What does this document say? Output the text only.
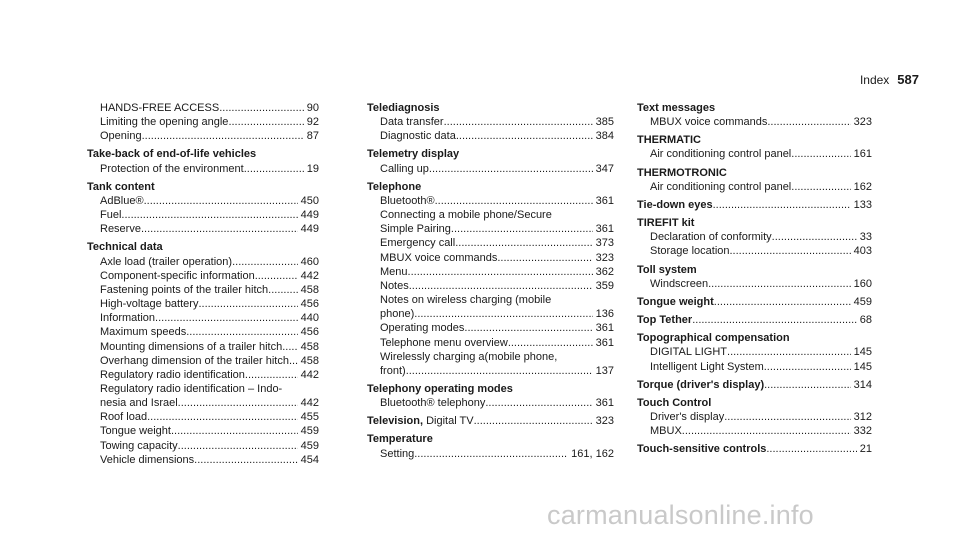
Index 587
HANDS-FREE ACCESS .....	90
Limiting the opening angle .....	92
Opening .....	87
Take-back of end-of-life vehicles
Protection of the environment .....	19
Tank content
AdBlue® .....	450
Fuel .....	449
Reserve .....	449
Technical data
Axle load (trailer operation) .....	460
Component-specific information .....	442
Fastening points of the trailer hitch .....	458
High-voltage battery .....	456
Information .....	440
Maximum speeds .....	456
Mounting dimensions of a trailer hitch ..... 458
Overhang dimension of the trailer hitch ..... 458
Regulatory radio identification .....	442
Regulatory radio identification – Indo-
nesia and Israel .....	442
Roof load .....	455
Tongue weight .....	459
Towing capacity .....	459
Vehicle dimensions .....	454
Telediagnosis
Data transfer .....	385
Diagnostic data .....	384
Telemetry display
Calling up .....	347
Telephone
Bluetooth® .....	361
Connecting a mobile phone/Secure
Simple Pairing .....	361
Emergency call .....	373
MBUX voice commands .....	323
Menu .....	362
Notes .....	359
Notes on wireless charging (mobile
phone) .....	136
Operating modes .....	361
Telephone menu overview .....	361
Wirelessly charging a(mobile phone,
front) .....	137
Telephony operating modes
Bluetooth® telephony .....	361
Television, Digital TV .....	323
Temperature
Setting .....	161, 162
Text messages
MBUX voice commands .....	323
THERMATIC
Air conditioning control panel .....	161
THERMOTRONIC
Air conditioning control panel .....	162
Tie-down eyes .....	133
TIREFIT kit
Declaration of conformity .....	33
Storage location .....	403
Toll system
Windscreen .....	160
Tongue weight .....	459
Top Tether .....	68
Topographical compensation
DIGITAL LIGHT .....	145
Intelligent Light System .....	145
Torque (driver's display) .....	314
Touch Control
Driver's display .....	312
MBUX .....	332
Touch-sensitive controls .....	21
carmanualsonline.info
